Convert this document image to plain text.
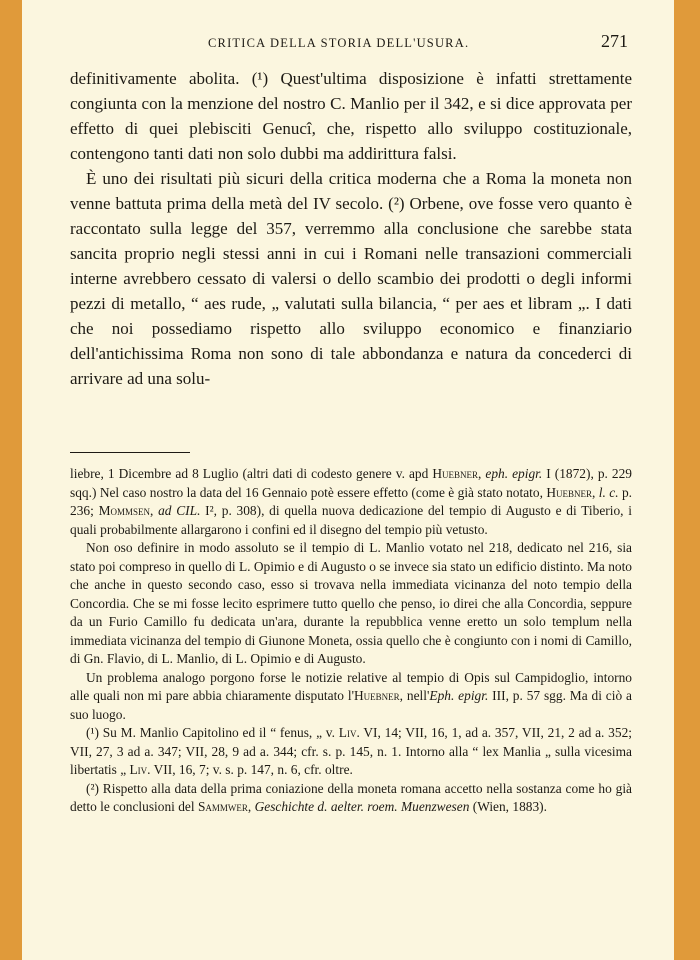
CRITICA DELLA STORIA DELL'USURA.	271

definitivamente abolita. (¹) Quest'ultima disposizione è infatti strettamente congiunta con la menzione del nostro C. Manlio per il 342, e si dice approvata per effetto di quei plebisciti Genucî, che, rispetto allo sviluppo costituzionale, contengono tanti dati non solo dubbi ma addirittura falsi.

È uno dei risultati più sicuri della critica moderna che a Roma la moneta non venne battuta prima della metà del IV secolo. (²) Orbene, ove fosse vero quanto è raccontato sulla legge del 357, verremmo alla conclusione che sarebbe stata sancita proprio negli stessi anni in cui i Romani nelle transazioni commerciali interne avrebbero cessato di valersi o dello scambio dei prodotti o degli informi pezzi di metallo, “ aes rude, „ valutati sulla bilancia, “ per aes et libram „. I dati che noi possediamo rispetto allo sviluppo economico e finanziario dell'antichissima Roma non sono di tale abbondanza e natura da concederci di arrivare ad una solu-

liebre, 1 Dicembre ad 8 Luglio (altri dati di codesto genere v. apd Huebner, eph. epigr. I (1872), p. 229 sqq.) Nel caso nostro la data del 16 Gennaio potè essere effetto (come è già stato notato, Huebner, l. c. p. 236; Mommsen, ad CIL. I², p. 308), di quella nuova dedicazione del tempio di Augusto e di Tiberio, i quali probabilmente allargarono i confini ed il disegno del tempio più vetusto.

Non oso definire in modo assoluto se il tempio di L. Manlio votato nel 218, dedicato nel 216, sia stato poi compreso in quello di L. Opimio e di Augusto o se invece sia stato un edificio distinto. Ma noto che anche in questo secondo caso, esso si trovava nella immediata vicinanza del noto tempio della Concordia. Che se mi fosse lecito esprimere tutto quello che penso, io direi che alla Concordia, seppure da un Furio Camillo fu dedicata un'ara, durante la repubblica venne eretto un solo templum nella immediata vicinanza del tempio di Giunone Moneta, ossia quello che è congiunto con i nomi di Camillo, di Gn. Flavio, di L. Manlio, di L. Opimio e di Augusto.

Un problema analogo porgono forse le notizie relative al tempio di Opis sul Campidoglio, intorno alle quali non mi pare abbia chiaramente disputato l'Huebner, nell'Eph. epigr. III, p. 57 sgg. Ma di ciò a suo luogo.

(¹) Su M. Manlio Capitolino ed il “ fenus, „ v. Liv. VI, 14; VII, 16, 1, ad a. 357, VII, 21, 2 ad a. 352; VII, 27, 3 ad a. 347; VII, 28, 9 ad a. 344; cfr. s. p. 145, n. 1. Intorno alla “ lex Manlia „ sulla vicesima libertatis „ Liv. VII, 16, 7; v. s. p. 147, n. 6, cfr. oltre.

(²) Rispetto alla data della prima coniazione della moneta romana accetto nella sostanza come ho già detto le conclusioni del Sammwer, Geschichte d. aelter. roem. Muenzwesen (Wien, 1883).
